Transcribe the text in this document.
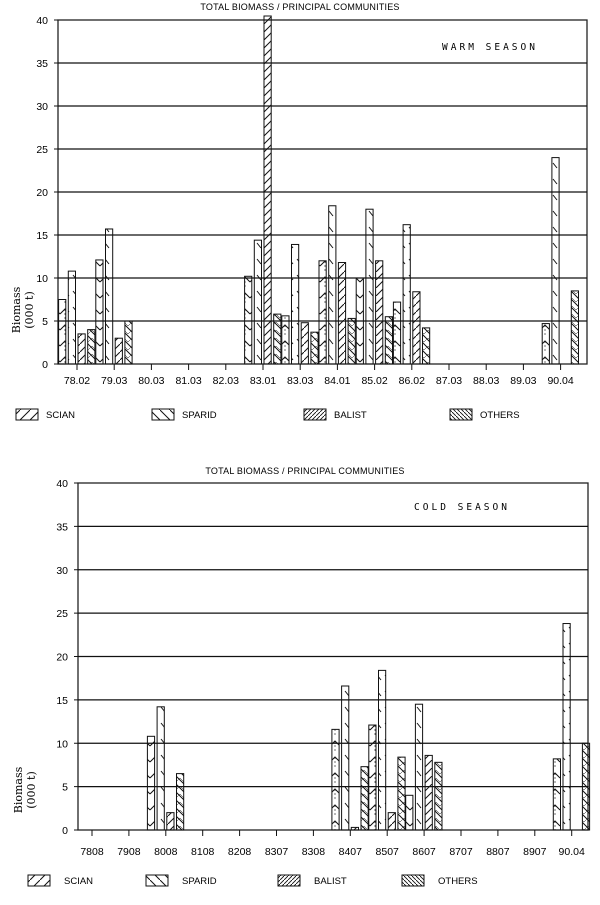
TOTAL BIOMASS / PRINCIPAL COMMUNITIES
0
5
10
15
20
25
30
35
40
Biomass (000 t)
WARM SEASON
78.02 79.03 80.03 81.03 82.03 83.01 83.03 84.01 85.02 86.02 87.03 88.03 89.03 90.04
SCIAN	SPARID	BALIST	OTHERS
TOTAL BIOMASS / PRINCIPAL COMMUNITIES
0
5
10
15
20
25
30
35
40
Biomass (000 t)
COLD SEASON
7808 7908 8008 8108 8208 8307 8308 8407 8507 8607 8707 8807 8907 90.04
SCIAN	SPARID	BALIST	OTHERS
